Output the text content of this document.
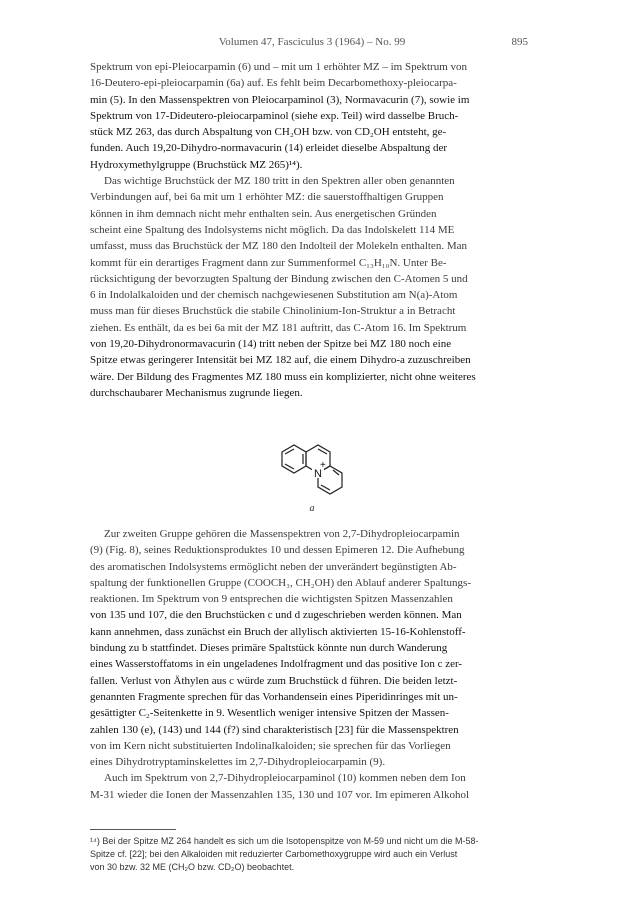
Volumen 47, Fasciculus 3 (1964) – No. 99	895
Spektrum von epi-Pleiocarpamin (6) und – mit um 1 erhöhter MZ – im Spektrum von
16-Deutero-epi-pleiocarpamin (6a) auf. Es fehlt beim Decarbomethoxy-pleiocarpa-
min (5). In den Massenspektren von Pleiocarpaminol (3), Normavacurin (7), sowie im
Spektrum von 17-Dideutero-pleiocarpaminol (siehe exp. Teil) wird dasselbe Bruch-
stück MZ 263, das durch Abspaltung von CH₂OH bzw. von CD₂OH entsteht, ge-
funden. Auch 19,20-Dihydro-normavacurin (14) erleidet dieselbe Abspaltung der
Hydroxymethylgruppe (Bruchstück MZ 265)¹⁴).
Das wichtige Bruchstück der MZ 180 tritt in den Spektren aller oben genannten
Verbindungen auf, bei 6a mit um 1 erhöhter MZ: die sauerstoffhaltigen Gruppen
können in ihm demnach nicht mehr enthalten sein. Aus energetischen Gründen
scheint eine Spaltung des Indolsystems nicht möglich. Da das Indolskelett 114 ME
umfasst, muss das Bruchstück der MZ 180 den Indolteil der Molekeln enthalten. Man
kommt für ein derartiges Fragment dann zur Summenformel C₁₃H₁₀N. Unter Be-
rücksichtigung der bevorzugten Spaltung der Bindung zwischen den C-Atomen 5 und
6 in Indolalkaloiden und der chemisch nachgewiesenen Substitution am N(a)-Atom
muss man für dieses Bruchstück die stabile Chinolinium-Ion-Struktur a in Betracht
ziehen. Es enthält, da es bei 6a mit der MZ 181 auftritt, das C-Atom 16. Im Spektrum
von 19,20-Dihydronormavacurin (14) tritt neben der Spitze bei MZ 180 noch eine
Spitze etwas geringerer Intensität bei MZ 182 auf, die einem Dihydro-a zuzuschreiben
wäre. Der Bildung des Fragmentes MZ 180 muss ein komplizierter, nicht ohne weiteres
durchschaubarer Mechanismus zugrunde liegen.
N
+
a
Zur zweiten Gruppe gehören die Massenspektren von 2,7-Dihydropleiocarpamin
(9) (Fig. 8), seines Reduktionsproduktes 10 und dessen Epimeren 12. Die Aufhebung
des aromatischen Indolsystems ermöglicht neben der unverändert begünstigten Ab-
spaltung der funktionellen Gruppe (COOCH₃, CH₂OH) den Ablauf anderer Spaltungs-
reaktionen. Im Spektrum von 9 entsprechen die wichtigsten Spitzen Massenzahlen
von 135 und 107, die den Bruchstücken c und d zugeschrieben werden können. Man
kann annehmen, dass zunächst ein Bruch der allylisch aktivierten 15-16-Kohlenstoff-
bindung zu b stattfindet. Dieses primäre Spaltstück könnte nun durch Wanderung
eines Wasserstoffatoms in ein ungeladenes Indolfragment und das positive Ion c zer-
fallen. Verlust von Äthylen aus c würde zum Bruchstück d führen. Die beiden letzt-
genannten Fragmente sprechen für das Vorhandensein eines Piperidinringes mit un-
gesättigter C₂-Seitenkette in 9. Wesentlich weniger intensive Spitzen der Massen-
zahlen 130 (e), (143) und 144 (f?) sind charakteristisch [23] für die Massenspektren
von im Kern nicht substituierten Indolinalkaloiden; sie sprechen für das Vorliegen
eines Dihydrotryptaminskelettes im 2,7-Dihydropleiocarpamin (9).
Auch im Spektrum von 2,7-Dihydropleiocarpaminol (10) kommen neben dem Ion
M-31 wieder die Ionen der Massenzahlen 135, 130 und 107 vor. Im epimeren Alkohol
¹⁴) Bei der Spitze MZ 264 handelt es sich um die Isotopenspitze von M-59 und nicht um die M-58-
Spitze cf. [22]; bei den Alkaloiden mit reduzierter Carbomethoxygruppe wird auch ein Verlust
von 30 bzw. 32 ME (CH₂O bzw. CD₂O) beobachtet.
